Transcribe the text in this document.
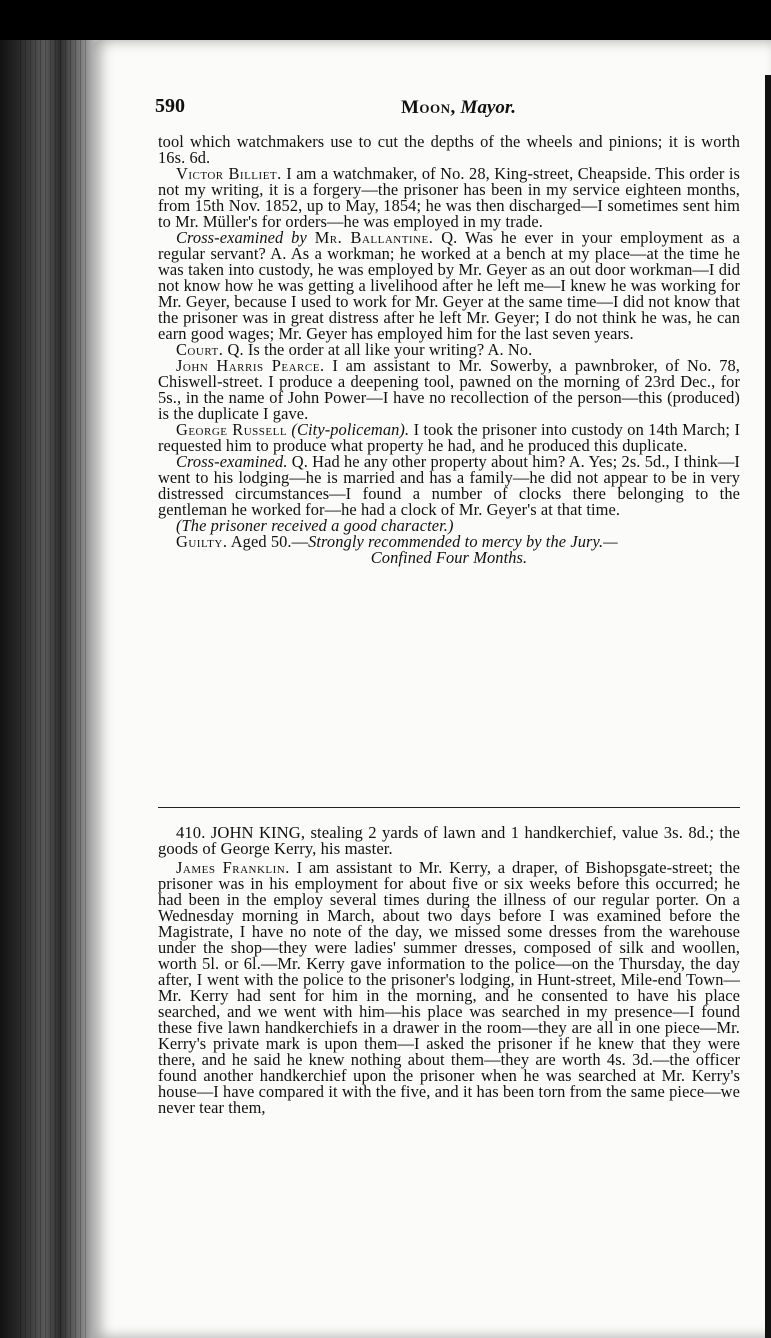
590	Moon, Mayor.

tool which watchmakers use to cut the depths of the wheels and pinions; it is worth 16s. 6d.

Victor Billiet. I am a watchmaker, of No. 28, King-street, Cheapside. This order is not my writing, it is a forgery—the prisoner has been in my service eighteen months, from 15th Nov. 1852, up to May, 1854; he was then discharged—I sometimes sent him to Mr. Müller's for orders—he was employed in my trade.

Cross-examined by Mr. Ballantine. Q. Was he ever in your employment as a regular servant? A. As a workman; he worked at a bench at my place—at the time he was taken into custody, he was employed by Mr. Geyer as an out door workman—I did not know how he was getting a livelihood after he left me—I knew he was working for Mr. Geyer, because I used to work for Mr. Geyer at the same time—I did not know that the prisoner was in great distress after he left Mr. Geyer; I do not think he was, he can earn good wages; Mr. Geyer has employed him for the last seven years.

Court. Q. Is the order at all like your writing? A. No.

John Harris Pearce. I am assistant to Mr. Sowerby, a pawnbroker, of No. 78, Chiswell-street. I produce a deepening tool, pawned on the morning of 23rd Dec., for 5s., in the name of John Power—I have no recollection of the person—this (produced) is the duplicate I gave.

George Russell (City-policeman). I took the prisoner into custody on 14th March; I requested him to produce what property he had, and he produced this duplicate.

Cross-examined. Q. Had he any other property about him? A. Yes; 2s. 5d., I think—I went to his lodging—he is married and has a family—he did not appear to be in very distressed circumstances—I found a number of clocks there belonging to the gentleman he worked for—he had a clock of Mr. Geyer's at that time.

(The prisoner received a good character.)

Guilty. Aged 50.—Strongly recommended to mercy by the Jury.—

Confined Four Months.

410. JOHN KING, stealing 2 yards of lawn and 1 handkerchief, value 3s. 8d.; the goods of George Kerry, his master.

James Franklin. I am assistant to Mr. Kerry, a draper, of Bishopsgate-street; the prisoner was in his employment for about five or six weeks before this occurred; he had been in the employ several times during the illness of our regular porter. On a Wednesday morning in March, about two days before I was examined before the Magistrate, I have no note of the day, we missed some dresses from the warehouse under the shop—they were ladies' summer dresses, composed of silk and woollen, worth 5l. or 6l.—Mr. Kerry gave information to the police—on the Thursday, the day after, I went with the police to the prisoner's lodging, in Hunt-street, Mile-end Town—Mr. Kerry had sent for him in the morning, and he consented to have his place searched, and we went with him—his place was searched in my presence—I found these five lawn handkerchiefs in a drawer in the room—they are all in one piece—Mr. Kerry's private mark is upon them—I asked the prisoner if he knew that they were there, and he said he knew nothing about them—they are worth 4s. 3d.—the officer found another handkerchief upon the prisoner when he was searched at Mr. Kerry's house—I have compared it with the five, and it has been torn from the same piece—we never tear them,
